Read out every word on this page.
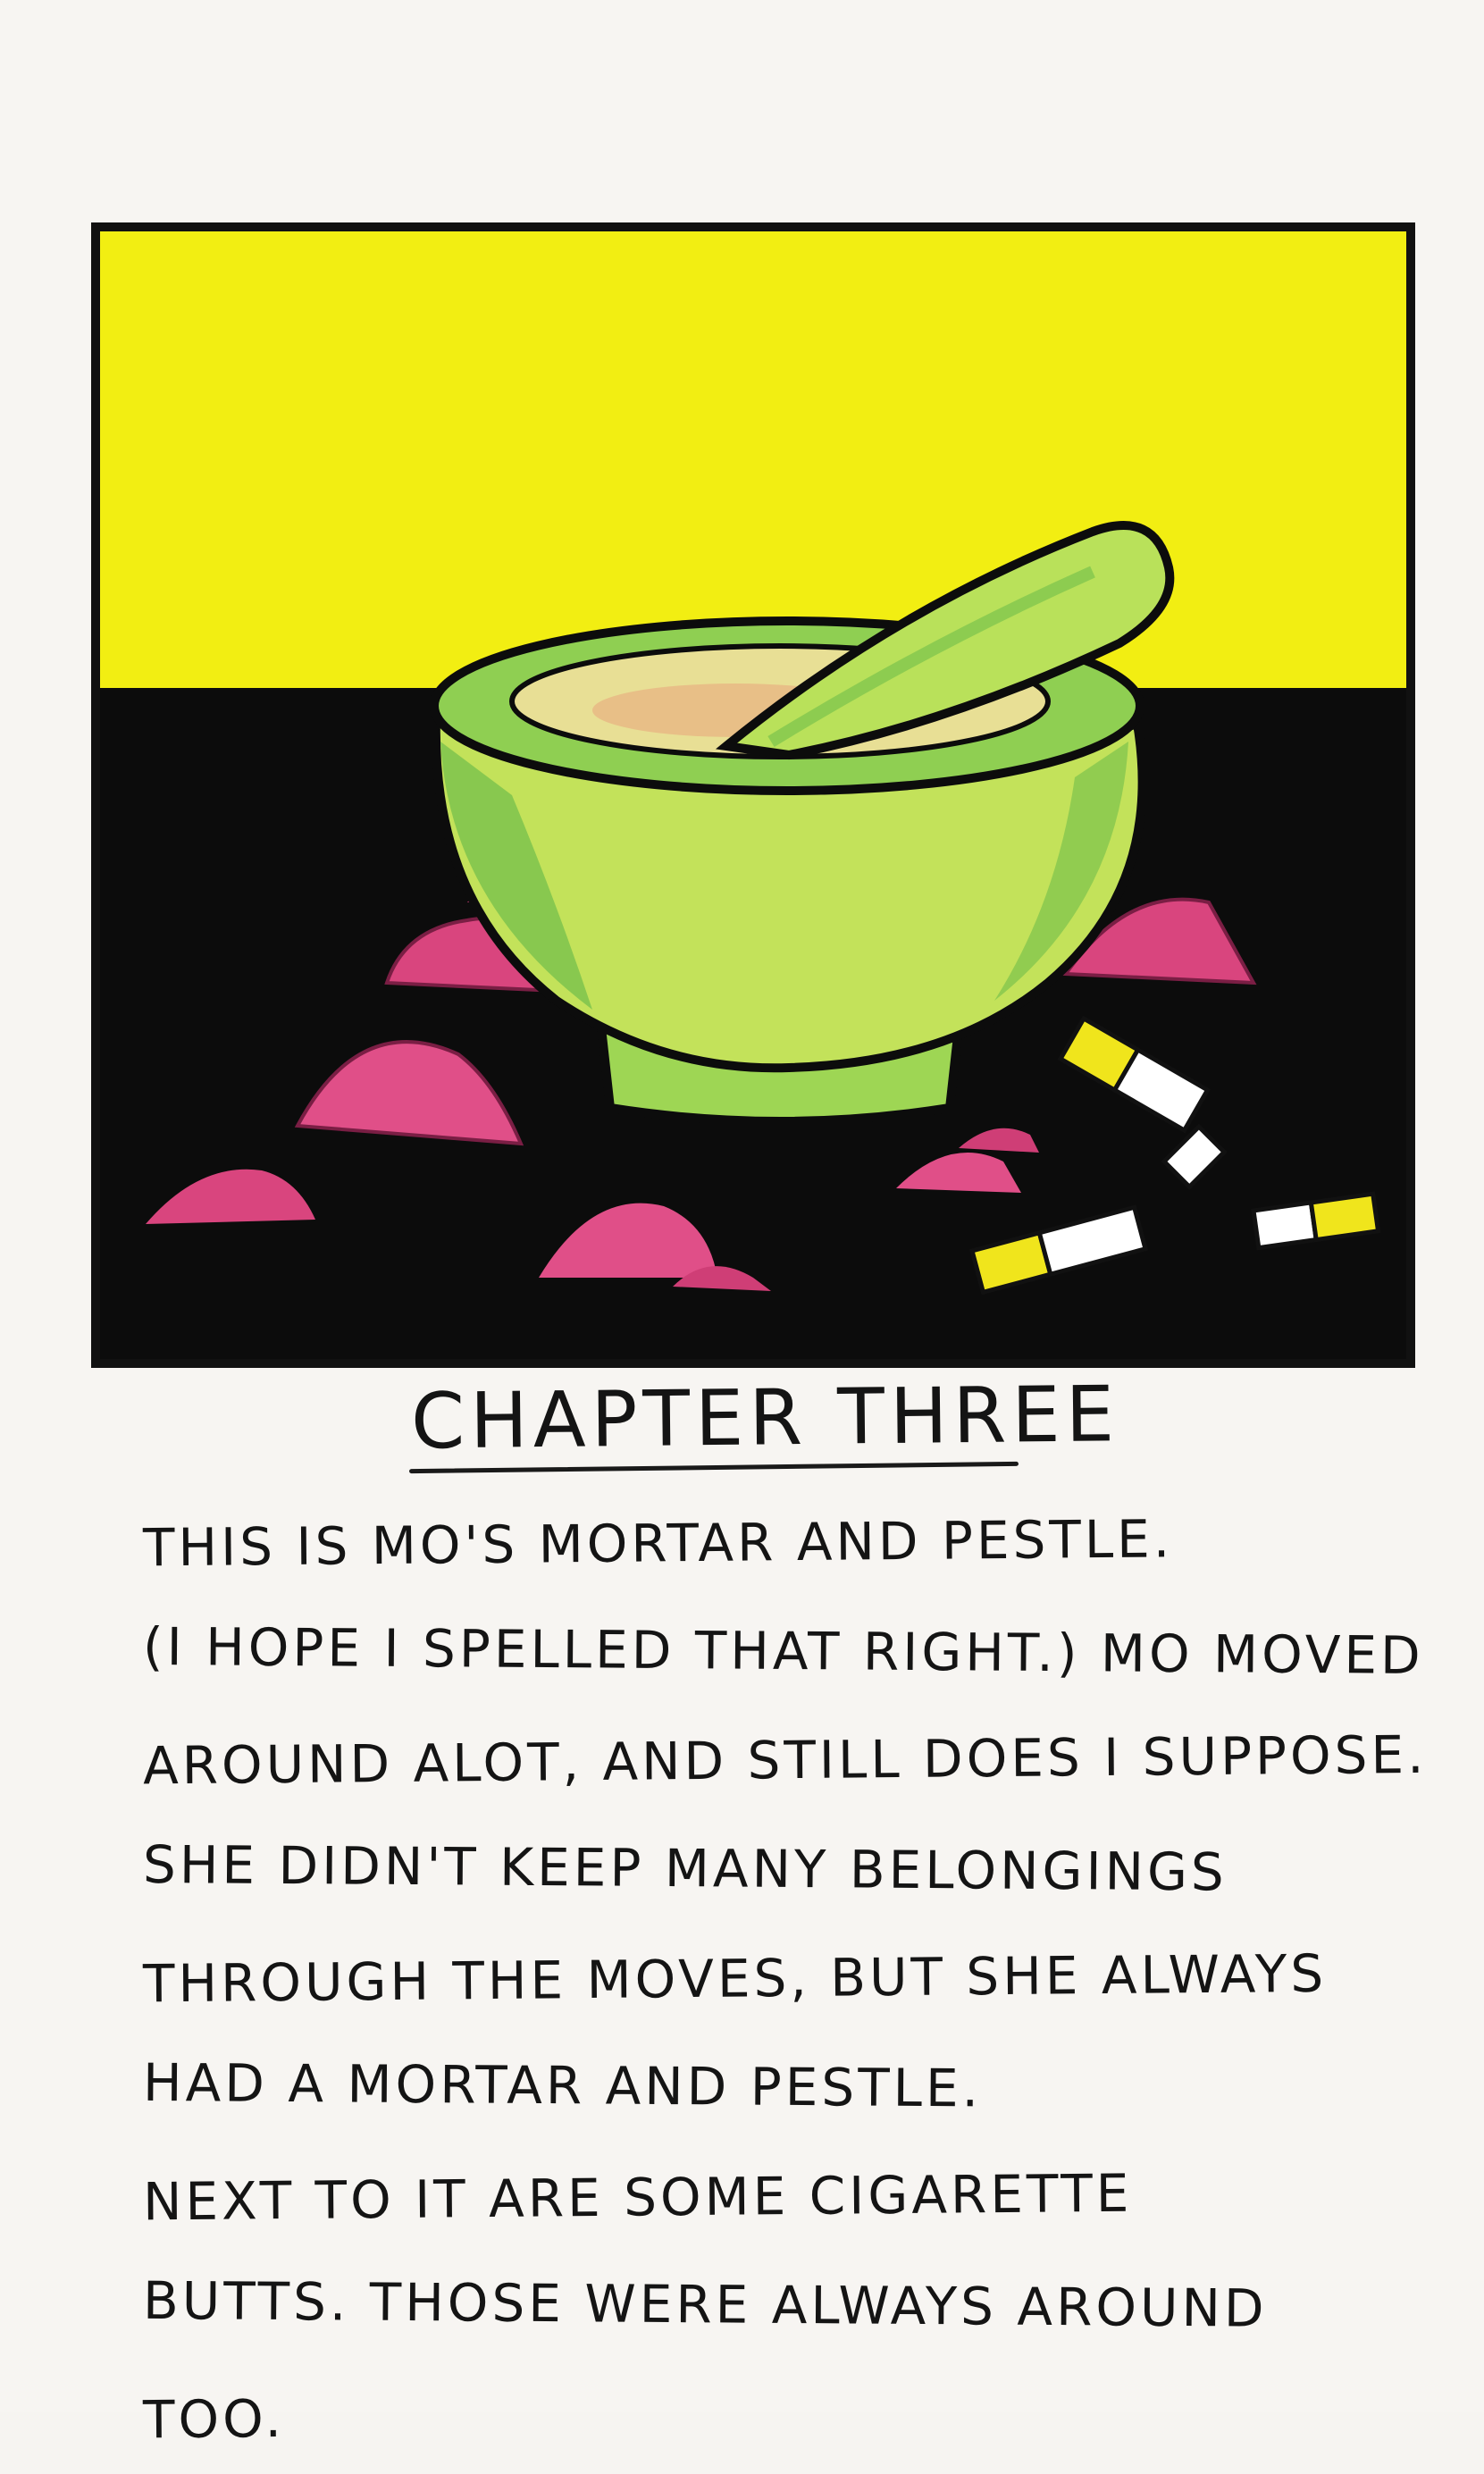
CHAPTER THREE
THIS IS MO'S MORTAR AND PESTLE.
(I HOPE I SPELLED THAT RIGHT.) MO MOVED
AROUND ALOT, AND STILL DOES I SUPPOSE.
SHE DIDN'T KEEP MANY BELONGINGS
THROUGH THE MOVES, BUT SHE ALWAYS
HAD A MORTAR AND PESTLE.
NEXT TO IT ARE SOME CIGARETTE
BUTTS. THOSE WERE ALWAYS AROUND
TOO.
